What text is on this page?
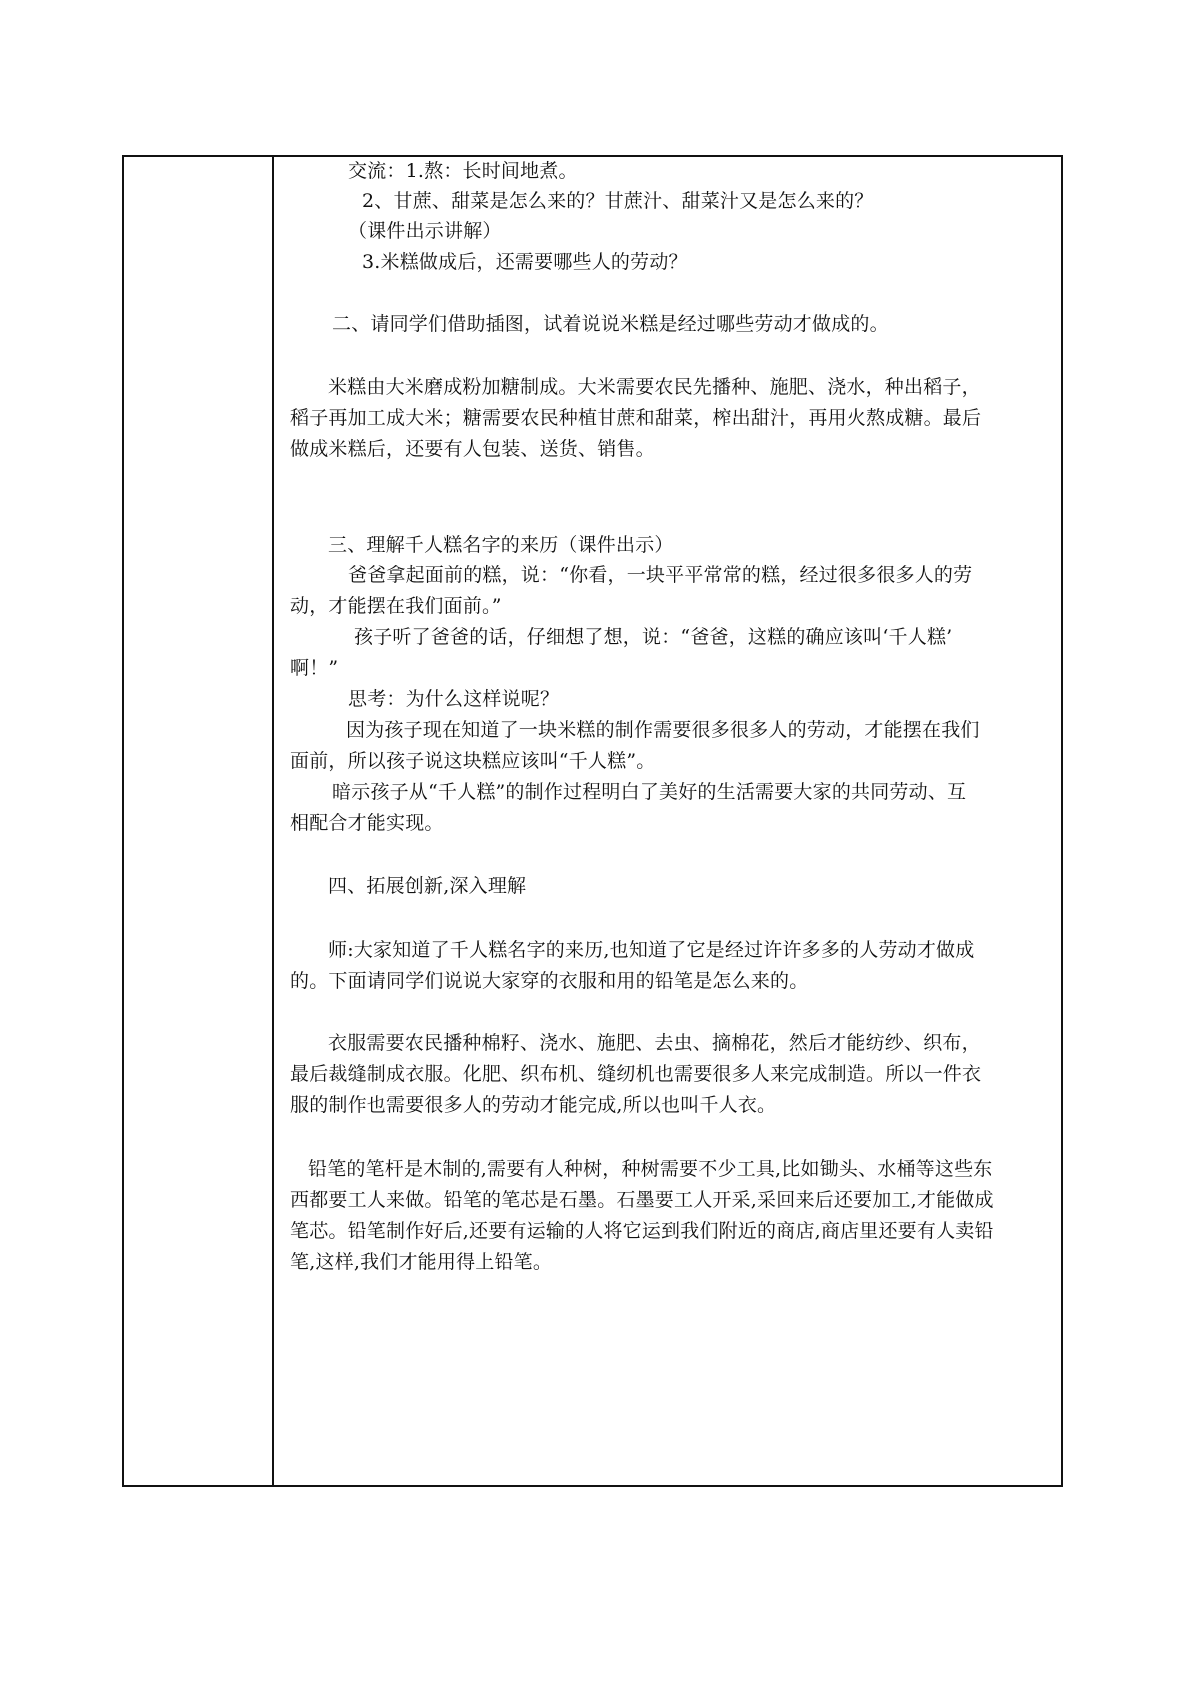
交流：1.熬：长时间地煮。
2、甘蔗、甜菜是怎么来的？甘蔗汁、甜菜汁又是怎么来的？
（课件出示讲解）
3.米糕做成后，还需要哪些人的劳动？
二、请同学们借助插图，试着说说米糕是经过哪些劳动才做成的。
米糕由大米磨成粉加糖制成。大米需要农民先播种、施肥、浇水，种出稻子，
稻子再加工成大米；糖需要农民种植甘蔗和甜菜，榨出甜汁，再用火熬成糖。最后
做成米糕后，还要有人包装、送货、销售。
三、理解千人糕名字的来历（课件出示）
爸爸拿起面前的糕，说：“你看，一块平平常常的糕，经过很多很多人的劳
动，才能摆在我们面前。”
孩子听了爸爸的话，仔细想了想，说：“爸爸，这糕的确应该叫‘千人糕’
啊！”
思考：为什么这样说呢？
因为孩子现在知道了一块米糕的制作需要很多很多人的劳动，才能摆在我们
面前，所以孩子说这块糕应该叫“千人糕”。
暗示孩子从“千人糕”的制作过程明白了美好的生活需要大家的共同劳动、互
相配合才能实现。
四、拓展创新,深入理解
师:大家知道了千人糕名字的来历,也知道了它是经过许许多多的人劳动才做成
的。下面请同学们说说大家穿的衣服和用的铅笔是怎么来的。
衣服需要农民播种棉籽、浇水、施肥、去虫、摘棉花，然后才能纺纱、织布，
最后裁缝制成衣服。化肥、织布机、缝纫机也需要很多人来完成制造。所以一件衣
服的制作也需要很多人的劳动才能完成,所以也叫千人衣。
铅笔的笔杆是木制的,需要有人种树，种树需要不少工具,比如锄头、水桶等这些东
西都要工人来做。铅笔的笔芯是石墨。石墨要工人开采,采回来后还要加工,才能做成
笔芯。铅笔制作好后,还要有运输的人将它运到我们附近的商店,商店里还要有人卖铅
笔,这样,我们才能用得上铅笔。
